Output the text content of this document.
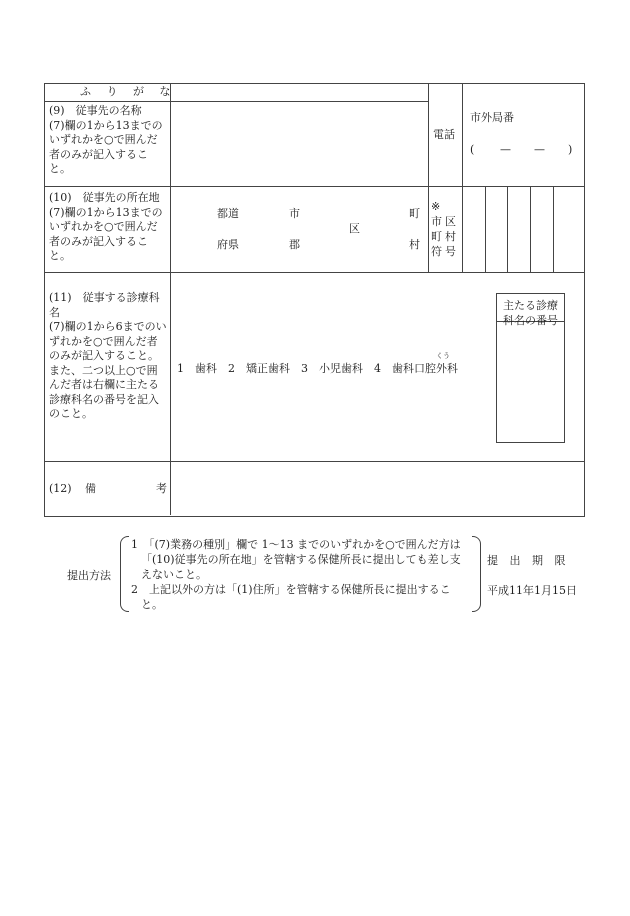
ふ り が な
(9)　従事先の名称
(7)欄の1から13までのいずれかを○で囲んだ者のみが記入すること。
電話
市外局番
( — — )
(10)　従事先の所在地
(7)欄の1から13までのいずれかを○で囲んだ者のみが記入すること。
都道
府県
市
郡
区
町
村
※
市区
町村
符号
(11)　従事する診療科名
(7)欄の1から6までのいずれかを○で囲んだ者のみが記入すること。
また、二つ以上○で囲んだ者は右欄に主たる診療科名の番号を記入のこと。
くう
1　歯科　2　矯正歯科　3　小児歯科　4　歯科口腔外科
主たる診療科名の番号
(12) 備	考
提出方法
1　「(7)業務の種別」欄で 1〜13 までのいずれかを○で囲んだ方は「(10)従事先の所在地」を管轄する保健所長に提出しても差し支えないこと。
2　上記以外の方は「(1)住所」を管轄する保健所長に提出すること。
提 出 期 限
平成11年1月15日
